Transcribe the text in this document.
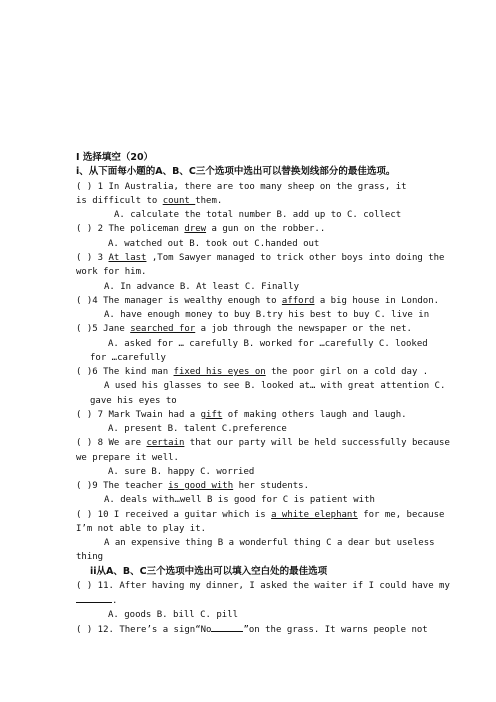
I 选择填空（20）
i、从下面每小题的A、B、C三个选项中选出可以替换划线部分的最佳选项。
( ) 1 In Australia, there are too many sheep on the grass, it
is difficult to count them.
A. calculate the total number B. add up to C. collect
( ) 2 The policeman drew a gun on the robber..
A. watched out B. took out C.handed out
( ) 3 At last ,Tom Sawyer managed to trick other boys into doing the
work for him.
A. In advance B. At least C. Finally
( )4 The manager is wealthy enough to afford a big house in London.
A. have enough money to buy B.try his best to buy C. live in
( )5 Jane searched for a job through the newspaper or the net.
A. asked for … carefully B. worked for …carefully C. looked
for …carefully
( )6 The kind man fixed his eyes on the poor girl on a cold day .
A used his glasses to see B. looked at… with great attention C.
gave his eyes to
( ) 7 Mark Twain had a gift of making others laugh and laugh.
A. present B. talent C.preference
( ) 8 We are certain that our party will be held successfully because
we prepare it well.
A. sure B. happy C. worried
( )9 The teacher is good with her students.
A. deals with…well B is good for C is patient with
( ) 10 I received a guitar which is a white elephant for me, because
I’m not able to play it.
A an expensive thing B a wonderful thing C a dear but useless
thing
ii从A、B、C三个选项中选出可以填入空白处的最佳选项
( ) 11. After having my dinner, I asked the waiter if I could have my
.
A. goods B. bill C. pill
( ) 12. There’s a sign“No	”on the grass. It warns people not
